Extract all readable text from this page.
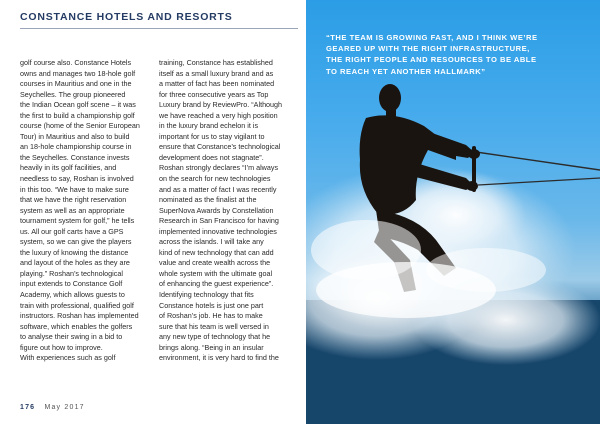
CONSTANCE HOTELS AND RESORTS
golf course also. Constance Hotels
owns and manages two 18-hole golf
courses in Mauritius and one in the
Seychelles. The group pioneered
the Indian Ocean golf scene – it was
the first to build a championship golf
course (home of the Senior European
Tour) in Mauritius and also to build
an 18-hole championship course in
the Seychelles. Constance invests
heavily in its golf facilities, and
needless to say, Roshan is involved
in this too. “We have to make sure
that we have the right reservation
system as well as an appropriate
tournament system for golf,” he tells
us. All our golf carts have a GPS
system, so we can give the players
the luxury of knowing the distance
and layout of the holes as they are
playing.” Roshan’s technological
input extends to Constance Golf
Academy, which allows guests to
train with professional, qualified golf
instructors. Roshan has implemented
software, which enables the golfers
to analyse their swing in a bid to
figure out how to improve.
With experiences such as golf
training, Constance has established
itself as a small luxury brand and as
a matter of fact has been nominated
for three consecutive years as Top
Luxury brand by ReviewPro. “Although
we have reached a very high position
in the luxury brand echelon it is
important for us to stay vigilant to
ensure that Constance’s technological
development does not stagnate”.
Roshan strongly declares “I’m always
on the search for new technologies
and as a matter of fact I was recently
nominated as the finalist at the
SuperNova Awards by Constellation
Research in San Francisco for having
implemented innovative technologies
across the islands. I will take any
kind of new technology that can add
value and create wealth across the
whole system with the ultimate goal
of enhancing the guest experience”.
Identifying technology that fits
Constance hotels is just one part
of Roshan’s job. He has to make
sure that his team is well versed in
any new type of technology that he
brings along. “Being in an insular
environment, it is very hard to find the
176 May 2017
“THE TEAM IS GROWING FAST, AND I THINK WE’RE
GEARED UP WITH THE RIGHT INFRASTRUCTURE,
THE RIGHT PEOPLE AND RESOURCES TO BE ABLE
TO REACH YET ANOTHER HALLMARK”
